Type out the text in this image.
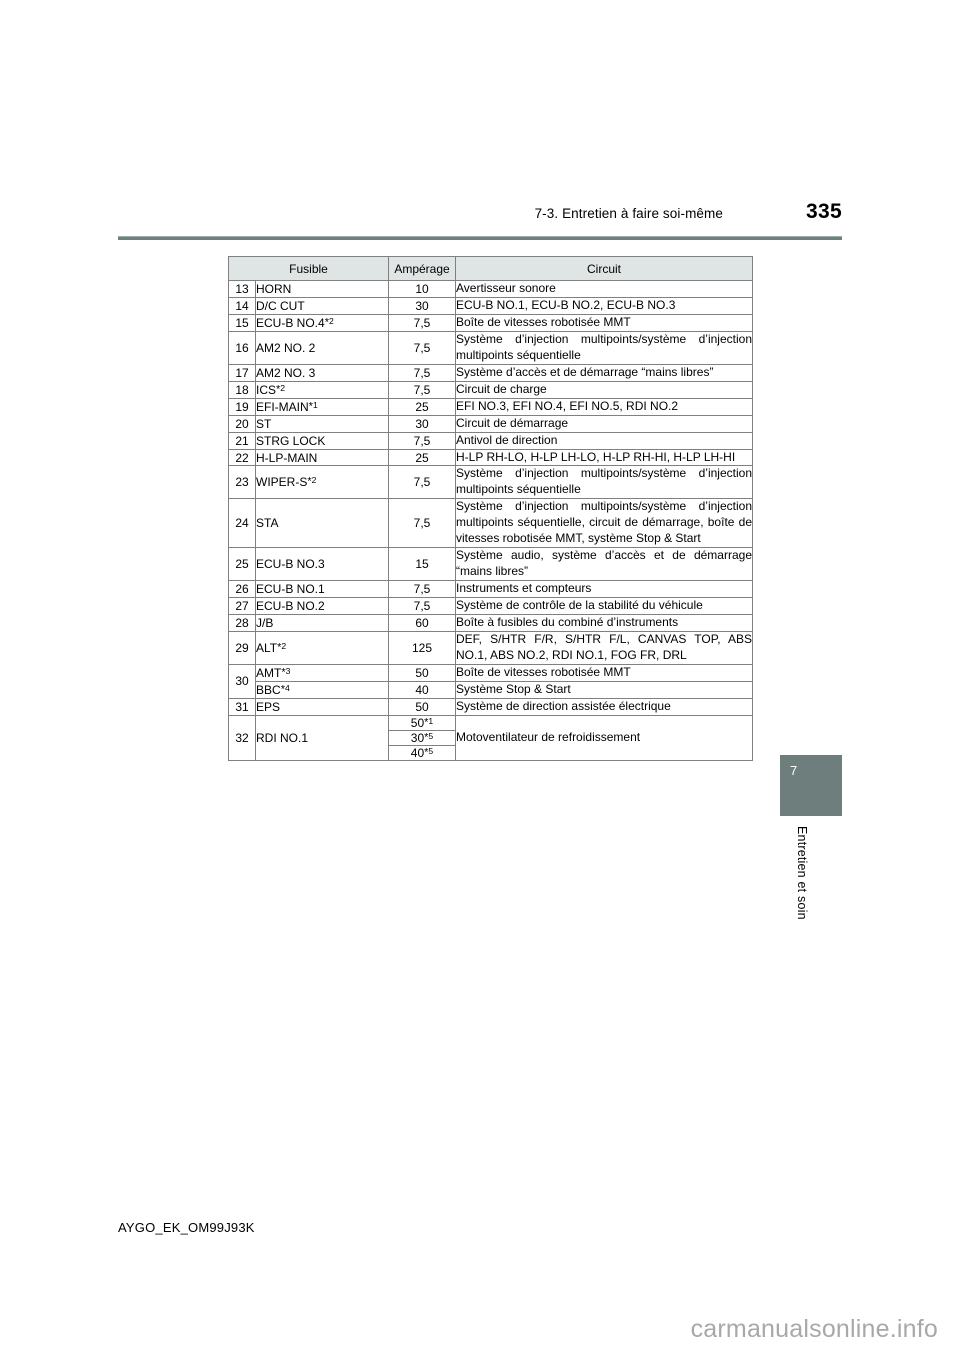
7-3. Entretien à faire soi-même	335
Fusible		Ampérage	Circuit
13	HORN	10	Avertisseur sonore
14	D/C CUT	30	ECU-B NO.1, ECU-B NO.2, ECU-B NO.3
15	ECU-B NO.4$^{*2}$	7,5	Boîte de vitesses robotisée MMT
16	AM2 NO. 2	7,5	Système d’injection multipoints/système d’injection multipoints séquentielle
17	AM2 NO. 3	7,5	Système d’accès et de démarrage “mains libres”
18	ICS$^{*2}$	7,5	Circuit de charge
19	EFI-MAIN$^{*1}$	25	EFI NO.3, EFI NO.4, EFI NO.5, RDI NO.2
20	ST	30	Circuit de démarrage
21	STRG LOCK	7,5	Antivol de direction
22	H-LP-MAIN	25	H-LP RH-LO, H-LP LH-LO, H-LP RH-HI, H-LP LH-HI
23	WIPER-$S^{*2}$	7,5	Système d’injection multipoints/système d’injection multipoints séquentielle
24	STA	7,5	Système d’injection multipoints/système d’injection multipoints séquentielle, circuit de démarrage, boîte de vitesses robotisée MMT, système Stop & Start
25	ECU-B NO.3	15	Système audio, système d’accès et de démarrage “mains libres”
26	ECU-B NO.1	7,5	Instruments et compteurs
27	ECU-B NO.2	7,5	Système de contrôle de la stabilité du véhicule
28	J/B	60	Boîte à fusibles du combiné d’instruments
29	ALT$^{*2}$	125	DEF, S/HTR F/R, S/HTR F/L, CANVAS TOP, ABS NO.1, ABS NO.2, RDI NO.1, FOG FR, DRL
30	AMT$^{*3}$	50	Boîte de vitesses robotisée MMT
	BBC$^{*4}$	40	Système Stop & Start
31	EPS	50	Système de direction assistée électrique
32	RDI NO.1	50$^{*1}$	Motoventilateur de refroidissement
		30$^{*5}$
		40$^{*5}$
7
Entretien et soin
AYGO_EK_OM99J93K
carmanualsonline.info
